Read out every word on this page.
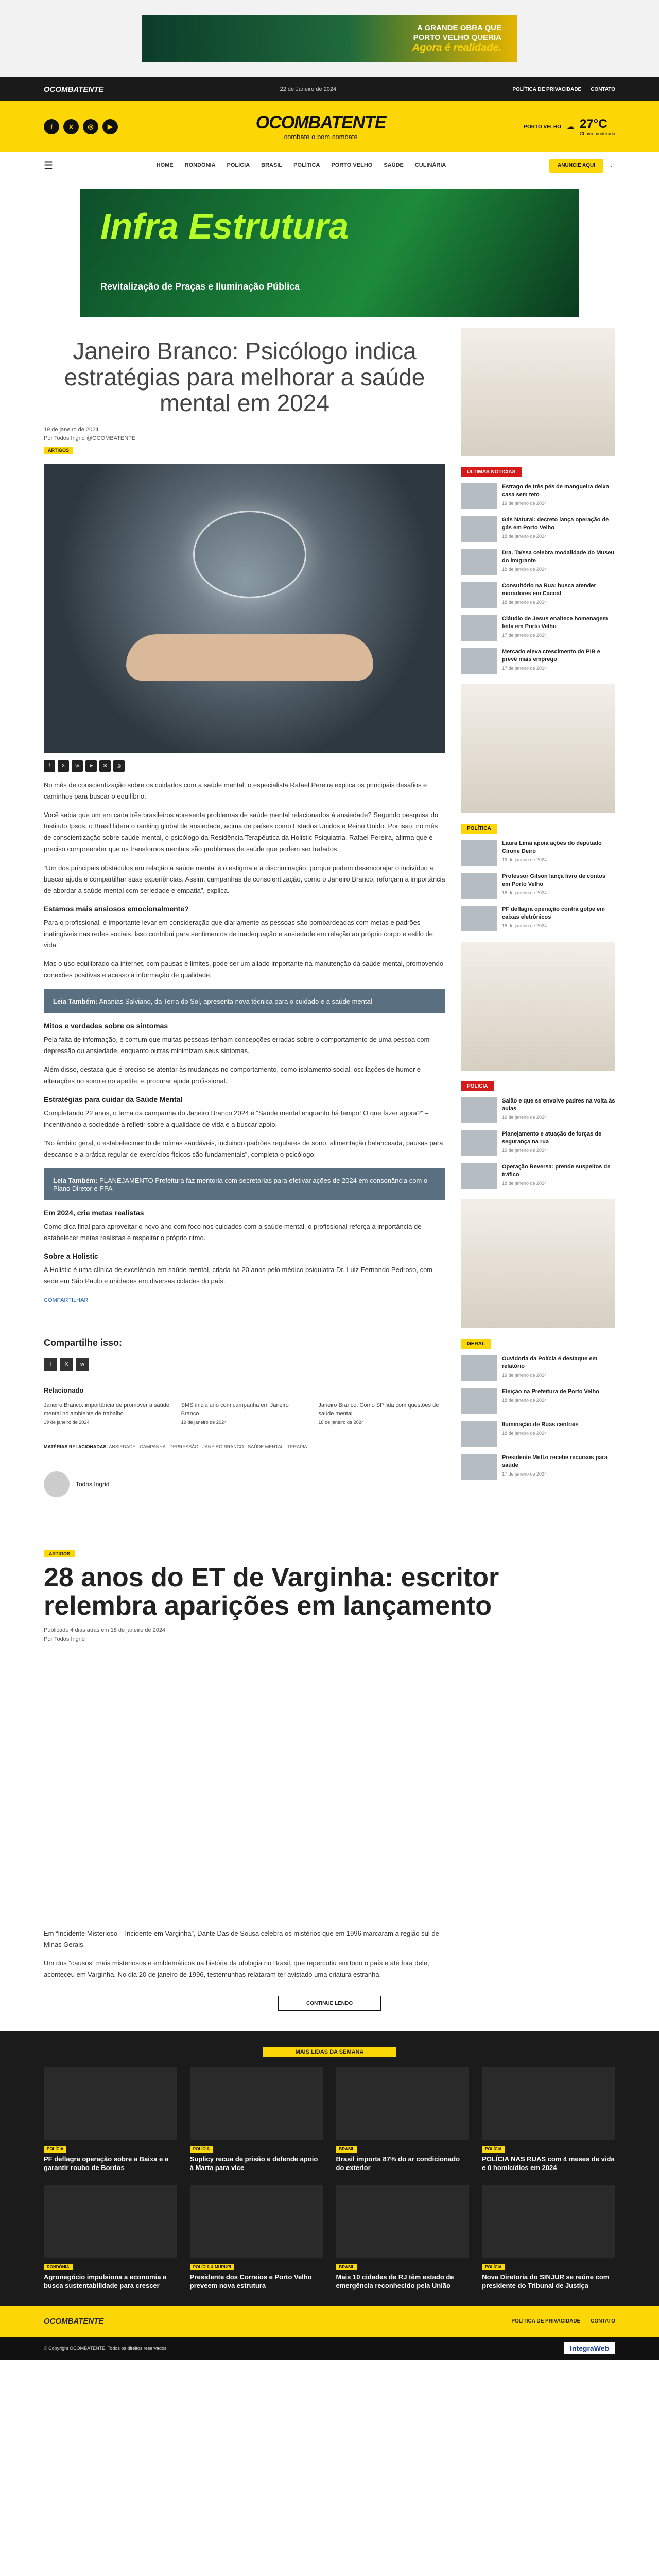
A GRANDE OBRA QUE
PORTO VELHO QUERIA
Agora é realidade.
OCOMBATENTE	22 de Janeiro de 2024	POLÍTICA DE PRIVACIDADE CONTATO
f	X	◎	▶	OCOMBATENTE
combate o bom combate
PORTO VELHO ☁ 27°C
Chuva moderada
☰	HOME RONDÔNIA POLÍCIA BRASIL POLÍTICA PORTO VELHO SAÚDE CULINÁRIA	ANUNCIE AQUI	⌕
Infra Estrutura
Revitalização de Praças e Iluminação Pública
Janeiro Branco: Psicólogo indica estratégias para melhorar a saúde mental em 2024
19 de janeiro de 2024
Por Todos Ingrid @OCOMBATENTE
ARTIGOS
f	X	w	➤	✉	⎙

No mês de conscientização sobre os cuidados com a saúde mental, o especialista Rafael Pereira explica os principais desafios e caminhos para buscar o equilíbrio.

Você sabia que um em cada três brasileiros apresenta problemas de saúde mental relacionados à ansiedade? Segundo pesquisa do Instituto Ipsos, o Brasil lidera o ranking global de ansiedade, acima de países como Estados Unidos e Reino Unido. Por isso, no mês de conscientização sobre saúde mental, o psicólogo da Residência Terapêutica da Holistic Psiquiatria, Rafael Pereira, afirma que é preciso compreender que os transtornos mentais são problemas de saúde que podem ser tratados.

“Um dos principais obstáculos em relação à saúde mental é o estigma e a discriminação, porque podem desencorajar o indivíduo a buscar ajuda e compartilhar suas experiências. Assim, campanhas de conscientização, como o Janeiro Branco, reforçam a importância de abordar a saúde mental com seriedade e empatia”, explica.

Estamos mais ansiosos emocionalmente?

Para o profissional, é importante levar em consideração que diariamente as pessoas são bombardeadas com metas e padrões inatingíveis nas redes sociais. Isso contribui para sentimentos de inadequação e ansiedade em relação ao próprio corpo e estilo de vida.

Mas o uso equilibrado da internet, com pausas e limites, pode ser um aliado importante na manutenção da saúde mental, promovendo conexões positivas e acesso à informação de qualidade.

Leia Também: Ananias Salviano, da Terra do Sol, apresenta nova técnica para o cuidado e a saúde mental
Mitos e verdades sobre os sintomas

Pela falta de informação, é comum que muitas pessoas tenham concepções erradas sobre o comportamento de uma pessoa com depressão ou ansiedade, enquanto outras minimizam seus sintomas.

Além disso, destaca que é preciso se atentar às mudanças no comportamento, como isolamento social, oscilações de humor e alterações no sono e no apetite, e procurar ajuda profissional.

Estratégias para cuidar da Saúde Mental

Completando 22 anos, o tema da campanha do Janeiro Branco 2024 é “Saúde mental enquanto há tempo! O que fazer agora?” – incentivando a sociedade a refletir sobre a qualidade de vida e a buscar apoio.

“No âmbito geral, o estabelecimento de rotinas saudáveis, incluindo padrões regulares de sono, alimentação balanceada, pausas para descanso e a prática regular de exercícios físicos são fundamentais”, completa o psicólogo.

Leia Também: PLANEJAMENTO Prefeitura faz mentoria com secretarias para efetivar ações de 2024 em consonância com o Plano Diretor e PPA
Em 2024, crie metas realistas

Como dica final para aproveitar o novo ano com foco nos cuidados com a saúde mental, o profissional reforça a importância de estabelecer metas realistas e respeitar o próprio ritmo.

Sobre a Holistic

A Holistic é uma clínica de excelência em saúde mental, criada há 20 anos pelo médico psiquiatra Dr. Luiz Fernando Pedroso, com sede em São Paulo e unidades em diversas cidades do país.

COMPARTILHAR

Compartilhe isso:
f	X	w
Relacionado
Janeiro Branco: importância de promover a saúde mental no ambiente de trabalho
19 de janeiro de 2024
SMS inicia ano com campanha em Janeiro Branco
19 de janeiro de 2024
Janeiro Branco: Como SP lida com questões de saúde mental
18 de janeiro de 2024
MATÉRIAS RELACIONADAS: ANSIEDADE · CAMPANHA · DEPRESSÃO · JANEIRO BRANCO · SAÚDE MENTAL · TERAPIA
Todos Ingrid
ÚLTIMAS NOTÍCIAS
Estrago de três pés de mangueira deixa casa sem teto
19 de janeiro de 2024
Gás Natural: decreto lança operação de gás em Porto Velho
18 de janeiro de 2024
Dra. Taíssa celebra modalidade do Museu do Imigrante
18 de janeiro de 2024
Consultório na Rua: busca atender moradores em Cacoal
18 de janeiro de 2024
Cláudio de Jesus enaltece homenagem feita em Porto Velho
17 de janeiro de 2024
Mercado eleva crescimento do PIB e prevê mais emprego
17 de janeiro de 2024
POLÍTICA
Laura Lima apoia ações do deputado Cirone Deiró
19 de janeiro de 2024
Professor Gilson lança livro de contos em Porto Velho
18 de janeiro de 2024
PF deflagra operação contra golpe em caixas eletrônicos
18 de janeiro de 2024
POLÍCIA
Salão e que se envolve padres na volta às aulas
19 de janeiro de 2024
Planejamento e atuação de forças de segurança na rua
19 de janeiro de 2024
Operação Reversa: prende suspeitos de tráfico
18 de janeiro de 2024
GERAL
Ouvidoria da Polícia é destaque em relatório
19 de janeiro de 2024
Eleição na Prefeitura de Porto Velho
18 de janeiro de 2024
Iluminação de Ruas centrais
18 de janeiro de 2024
Presidente Mettzi recebe recursos para saúde
17 de janeiro de 2024
ARTIGOS
28 anos do ET de Varginha: escritor relembra aparições em lançamento
Publicado 4 dias atrás em 18 de janeiro de 2024
Por Todos Ingrid

Em “Incidente Misterioso – Incidente em Varginha”, Dante Das de Sousa celebra os mistérios que em 1996 marcaram a região sul de Minas Gerais.

Um dos “causos” mais misteriosos e emblemáticos na história da ufologia no Brasil, que repercutiu em todo o país e até fora dele, aconteceu em Varginha. No dia 20 de janeiro de 1996, testemunhas relataram ter avistado uma criatura estranha.

CONTINUE LENDO
MAIS LIDAS DA SEMANA
POLÍCIA
PF deflagra operação sobre a Baixa e a garantir roubo de Bordos
POLÍCIA
Suplicy recua de prisão e defende apoio à Marta para vice
BRASIL
Brasil importa 87% do ar condicionado do exterior
POLÍCIA
POLÍCIA NAS RUAS com 4 meses de vida e 0 homicídios em 2024
RONDÔNIA
Agronegócio impulsiona a economia a busca sustentabilidade para crescer
POLÍCIA & MURUPI
Presidente dos Correios e Porto Velho preveem nova estrutura
BRASIL
Mais 10 cidades de RJ têm estado de emergência reconhecido pela União
POLÍCIA
Nova Diretoria do SINJUR se reúne com presidente do Tribunal de Justiça
OCOMBATENTE	POLÍTICA DE PRIVACIDADE CONTATO
© Copyright OCOMBATENTE. Todos os direitos reservados.	IntegraWeb
